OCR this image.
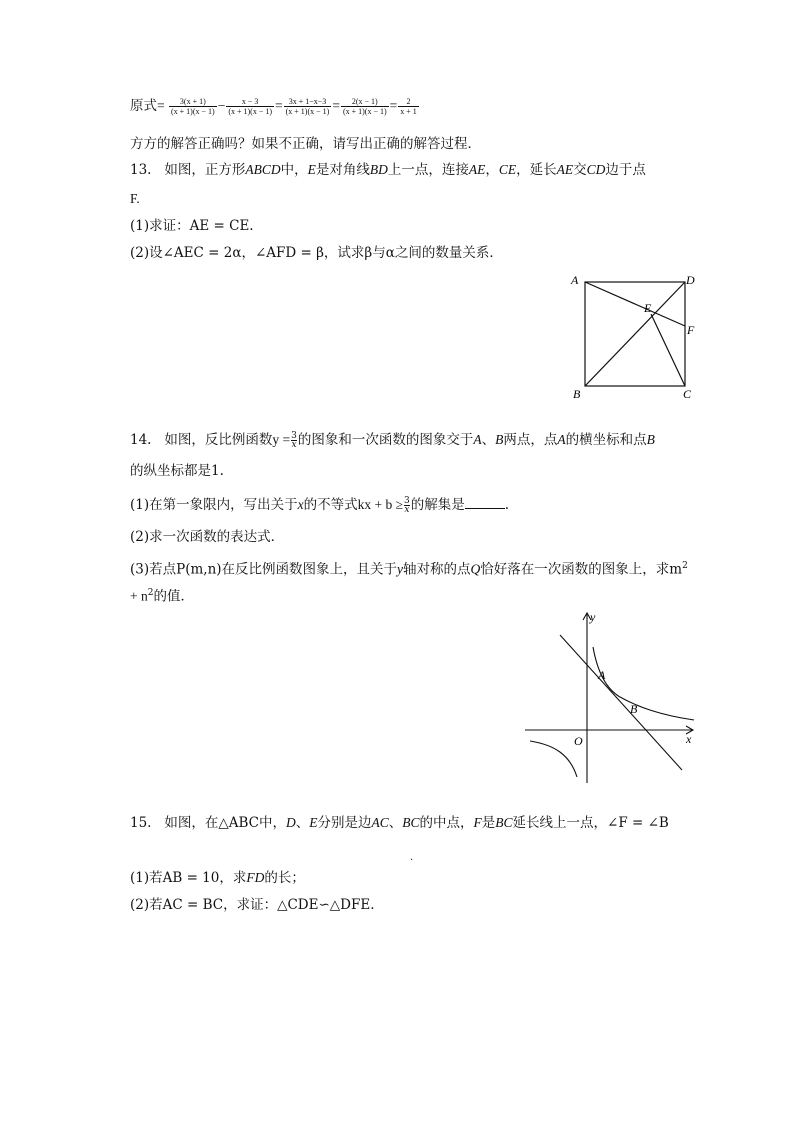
原式= $\frac{3(x + 1)}{(x + 1)(x - 1)} - \frac{x - 3}{(x + 1)(x - 1)} = \frac{3x + 1-x-3}{(x + 1)(x - 1)} = \frac{2(x - 1)}{(x + 1)(x - 1)} = \frac{2}{x + 1}$
方方的解答正确吗？如果不正确，请写出正确的解答过程．
13. 如图，正方形ABCD中，E是对角线BD上一点，连接AE，CE，延长AE交CD边于点
F.
(1)求证：AE = CE.
(2)设∠AEC = 2α，∠AFD = β，试求β与α之间的数量关系．
A	D
E
F
B	C
14. 如图，反比例函数$y = \frac{3}{x}$ 的图象和一次函数的图象交于A、B两点，点A的横坐标和点B
的纵坐标都是1.
(1)在第一象限内，写出关于x的不等式kx + $b \ge \frac{3}{x}$ 的解集是	.
(2)求一次函数的表达式．
(3)若点P(m,n)在反比例函数图象上，且关于y轴对称的点Q恰好落在一次函数的图象上，求$m^2$
+ $n^2$的值．
y
x
O
A
B
15. 如图，在△ABC中，D、E分别是边AC、BC的中点，F是BC延长线上一点，∠F = ∠B
.
(1)若AB = 10，求FD的长；
(2)若AC = BC，求证：△CDE∽△DFE.
